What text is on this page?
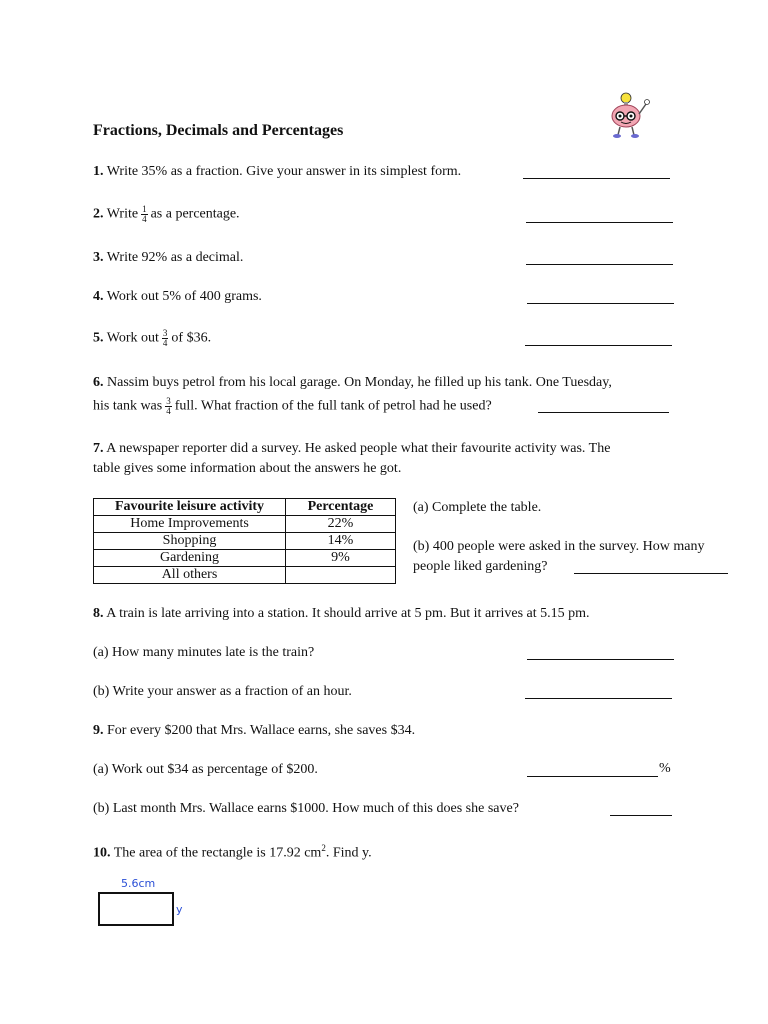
Fractions, Decimals and Percentages
1. Write 35% as a fraction. Give your answer in its simplest form.
2. Write $\frac{1}{4}$ as a percentage.
3. Write 92% as a decimal.
4. Work out 5% of 400 grams.
5. Work out $\frac{3}{4}$ of $36.
6. Nassim buys petrol from his local garage. On Monday, he filled up his tank. One Tuesday,
his tank was $\frac{3}{4}$ full. What fraction of the full tank of petrol had he used?
7. A newspaper reporter did a survey. He asked people what their favourite activity was. The
table gives some information about the answers he got.
Favourite leisure activity	Percentage
Home Improvements	22%
Shopping	14%
Gardening	9%
All others	
(a) Complete the table.
(b) 400 people were asked in the survey. How many
people liked gardening?
8. A train is late arriving into a station. It should arrive at 5 pm. But it arrives at 5.15 pm.
(a) How many minutes late is the train?
(b) Write your answer as a fraction of an hour.
9. For every $200 that Mrs. Wallace earns, she saves $34.
(a) Work out $34 as percentage of $200.	%
(b) Last month Mrs. Wallace earns $1000. How much of this does she save?
10. The area of the rectangle is 17.92 $cm^2$. Find y.
5.6cm
y
